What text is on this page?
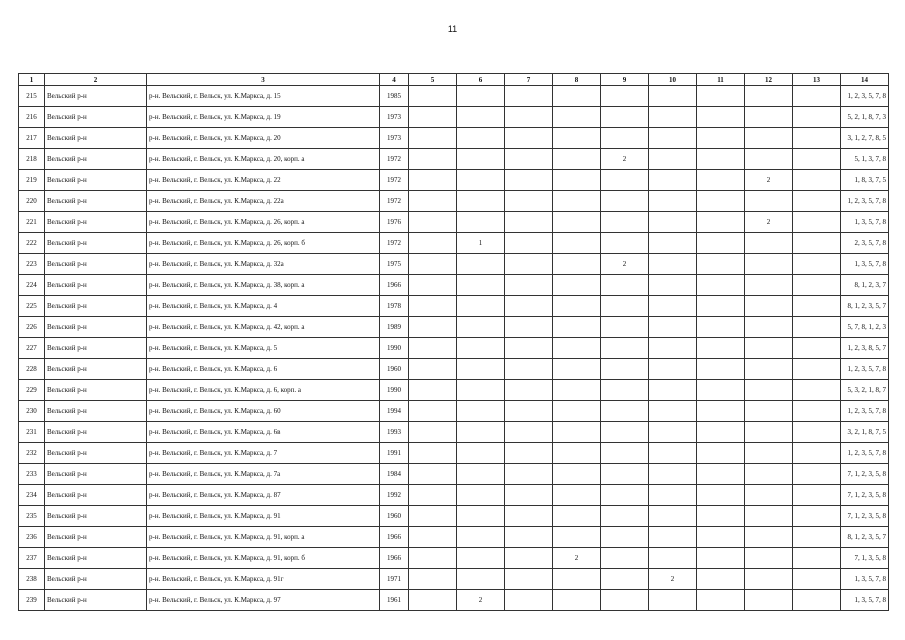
11
1	2	3	4	5	6	7	8	9	10	11	12	13	14
215	Вельский р-н	р-н. Вельский, г. Вельск, ул. К.Маркса, д. 15	1985										1, 2, 3, 5, 7, 8
216	Вельский р-н	р-н. Вельский, г. Вельск, ул. К.Маркса, д. 19	1973										5, 2, 1, 8, 7, 3
217	Вельский р-н	р-н. Вельский, г. Вельск, ул. К.Маркса, д. 20	1973										3, 1, 2, 7, 8, 5
218	Вельский р-н	р-н. Вельский, г. Вельск, ул. К.Маркса, д. 20, корп. а	1972					2					5, 1, 3, 7, 8
219	Вельский р-н	р-н. Вельский, г. Вельск, ул. К.Маркса, д. 22	1972								2		1, 8, 3, 7, 5
220	Вельский р-н	р-н. Вельский, г. Вельск, ул. К.Маркса, д. 22а	1972										1, 2, 3, 5, 7, 8
221	Вельский р-н	р-н. Вельский, г. Вельск, ул. К.Маркса, д. 26, корп. а	1976								2		1, 3, 5, 7, 8
222	Вельский р-н	р-н. Вельский, г. Вельск, ул. К.Маркса, д. 26, корп. б	1972		1								2, 3, 5, 7, 8
223	Вельский р-н	р-н. Вельский, г. Вельск, ул. К.Маркса, д. 32а	1975					2					1, 3, 5, 7, 8
224	Вельский р-н	р-н. Вельский, г. Вельск, ул. К.Маркса, д. 38, корп. а	1966										8, 1, 2, 3, 7
225	Вельский р-н	р-н. Вельский, г. Вельск, ул. К.Маркса, д. 4	1978										8, 1, 2, 3, 5, 7
226	Вельский р-н	р-н. Вельский, г. Вельск, ул. К.Маркса, д. 42, корп. а	1989										5, 7, 8, 1, 2, 3
227	Вельский р-н	р-н. Вельский, г. Вельск, ул. К.Маркса, д. 5	1990										1, 2, 3, 8, 5, 7
228	Вельский р-н	р-н. Вельский, г. Вельск, ул. К.Маркса, д. 6	1960										1, 2, 3, 5, 7, 8
229	Вельский р-н	р-н. Вельский, г. Вельск, ул. К.Маркса, д. 6, корп. а	1990										5, 3, 2, 1, 8, 7
230	Вельский р-н	р-н. Вельский, г. Вельск, ул. К.Маркса, д. 60	1994										1, 2, 3, 5, 7, 8
231	Вельский р-н	р-н. Вельский, г. Вельск, ул. К.Маркса, д. 6в	1993										3, 2, 1, 8, 7, 5
232	Вельский р-н	р-н. Вельский, г. Вельск, ул. К.Маркса, д. 7	1991										1, 2, 3, 5, 7, 8
233	Вельский р-н	р-н. Вельский, г. Вельск, ул. К.Маркса, д. 7а	1984										7, 1, 2, 3, 5, 8
234	Вельский р-н	р-н. Вельский, г. Вельск, ул. К.Маркса, д. 87	1992										7, 1, 2, 3, 5, 8
235	Вельский р-н	р-н. Вельский, г. Вельск, ул. К.Маркса, д. 91	1960										7, 1, 2, 3, 5, 8
236	Вельский р-н	р-н. Вельский, г. Вельск, ул. К.Маркса, д. 91, корп. а	1966										8, 1, 2, 3, 5, 7
237	Вельский р-н	р-н. Вельский, г. Вельск, ул. К.Маркса, д. 91, корп. б	1966				2						7, 1, 3, 5, 8
238	Вельский р-н	р-н. Вельский, г. Вельск, ул. К.Маркса, д. 91г	1971						2				1, 3, 5, 7, 8
239	Вельский р-н	р-н. Вельский, г. Вельск, ул. К.Маркса, д. 97	1961		2								1, 3, 5, 7, 8
